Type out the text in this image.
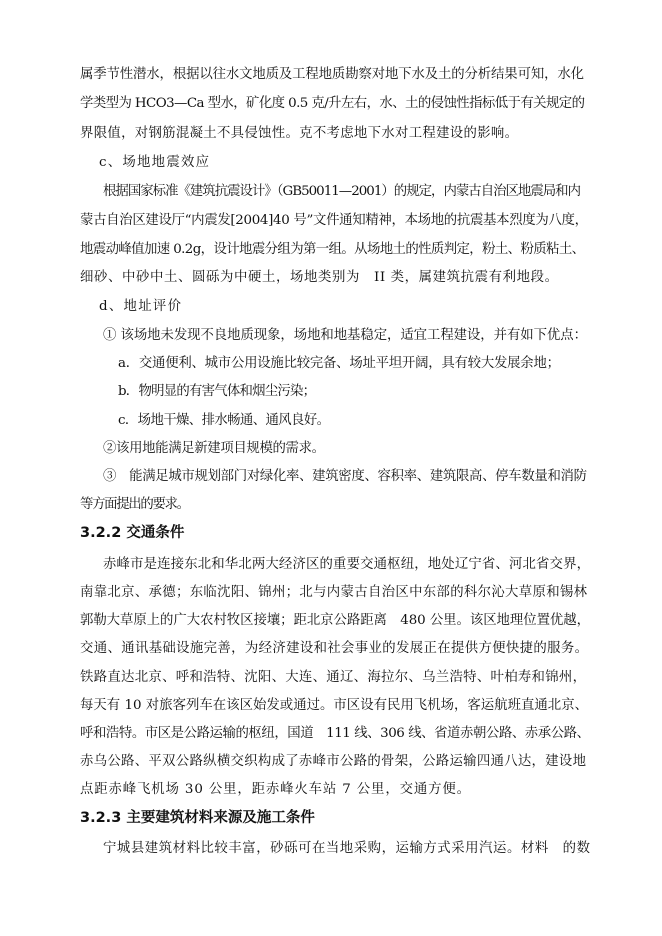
属季节性潜水，根据以往水文地质及工程地质勘察对地下水及土的分析结果可知，水化
学类型为 HCO3—Ca 型水，矿化度 0.5 克/升左右，水、土的侵蚀性指标低于有关规定的
界限值，对钢筋混凝土不具侵蚀性。克不考虑地下水对工程建设的影响。
c、场地地震效应
根据国家标准《建筑抗震设计》（GB50011—2001）的规定，内蒙古自治区地震局和内
蒙古自治区建设厅“内震发[2004]40 号”文件通知精神，本场地的抗震基本烈度为八度，
地震动峰值加速 0.2g，设计地震分组为第一组。从场地土的性质判定，粉土、粉质粘土、
细砂、中砂中土、圆砾为中硬土，场地类别为　II 类，属建筑抗震有利地段。
d、地址评价
① 该场地未发现不良地质现象，场地和地基稳定，适宜工程建设，并有如下优点：
a．交通便利、城市公用设施比较完备、场址平坦开阔，具有较大发展余地；
b．物明显的有害气体和烟尘污染；
c．场地干燥、排水畅通、通风良好。
②该用地能满足新建项目规模的需求。
③　能满足城市规划部门对绿化率、建筑密度、容积率、建筑限高、停车数量和消防
等方面提出的要求。
3.2.2 交通条件
赤峰市是连接东北和华北两大经济区的重要交通枢纽，地处辽宁省、河北省交界，
南靠北京、承德；东临沈阳、锦州；北与内蒙古自治区中东部的科尔沁大草原和锡林
郭勒大草原上的广大农村牧区接壤；距北京公路距离　480 公里。该区地理位置优越，
交通、通讯基础设施完善，为经济建设和社会事业的发展正在提供方便快捷的服务。
铁路直达北京、呼和浩特、沈阳、大连、通辽、海拉尔、乌兰浩特、叶柏寿和锦州，
每天有 10 对旅客列车在该区始发或通过。市区设有民用飞机场，客运航班直通北京、
呼和浩特。市区是公路运输的枢纽，国道　111 线、306 线、省道赤朝公路、赤承公路、
赤乌公路、平双公路纵横交织构成了赤峰市公路的骨架，公路运输四通八达，建设地
点距赤峰飞机场 30 公里，距赤峰火车站 7 公里，交通方便。
3.2.3 主要建筑材料来源及施工条件
宁城县建筑材料比较丰富，砂砾可在当地采购，运输方式采用汽运。材料　的数
